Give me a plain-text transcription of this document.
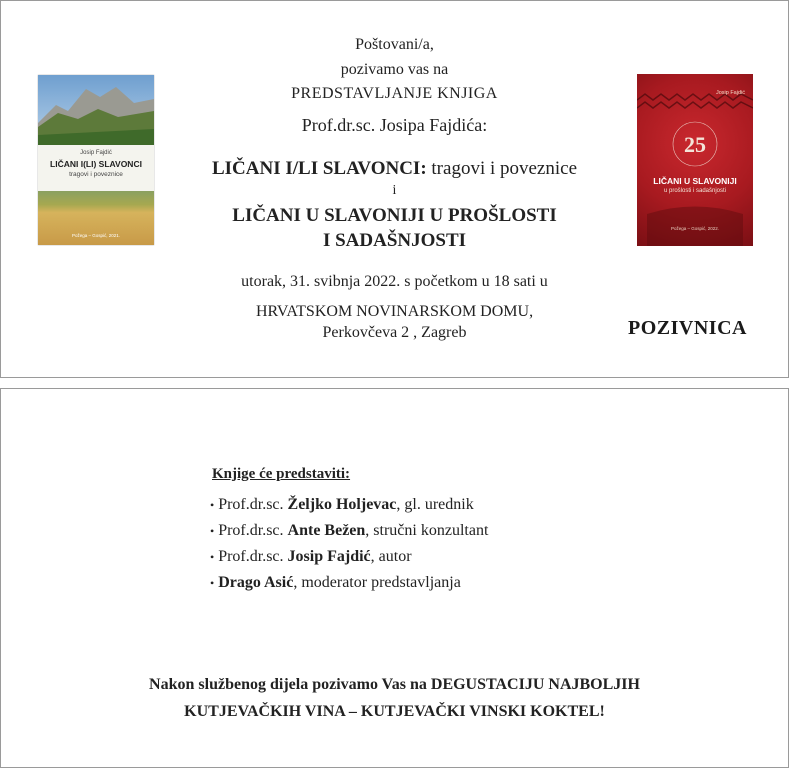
Josip Fajdić
LIČANI I(LI) SLAVONCI
tragovi i poveznice
Požega – Gospić, 2021.
Josip Fajdić
25
LIČANI U SLAVONIJI
u prošlosti i sadašnjosti
Požega – Gospić, 2022.
Poštovani/a,
pozivamo vas na
PREDSTAVLJANJE KNJIGA
Prof.dr.sc. Josipa Fajdića:
LIČANI I/LI SLAVONCI: tragovi i poveznice
i
LIČANI U SLAVONIJI U PROŠLOSTI
I SADAŠNJOSTI
utorak, 31. svibnja 2022. s početkom u 18 sati u
HRVATSKOM NOVINARSKOM DOMU,
Perkovčeva 2 , Zagreb	POZIVNICA
Knjige će predstaviti:
• Prof.dr.sc. Željko Holjevac, gl. urednik
• Prof.dr.sc. Ante Bežen, stručni konzultant
• Prof.dr.sc. Josip Fajdić, autor
• Drago Asić, moderator predstavljanja
Nakon službenog dijela pozivamo Vas na DEGUSTACIJU NAJBOLJIH
KUTJEVAČKIH VINA – KUTJEVAČKI VINSKI KOKTEL!
